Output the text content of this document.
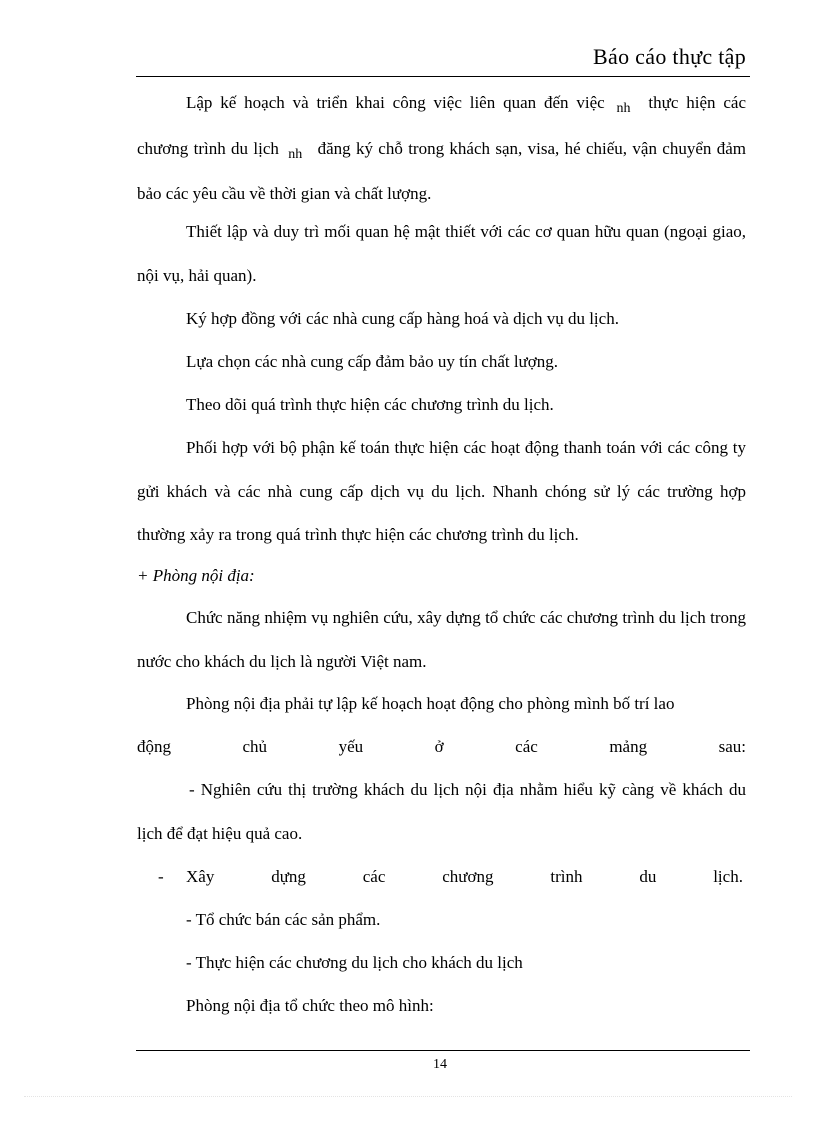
Báo cáo thực tập
Lập kế hoạch và triển khai công việc liên quan đến việc $_{nh}$ thực hiện các chương trình du lịch $_{nh}$ đăng ký chỗ trong khách sạn, visa, hé chiếu, vận chuyển đảm bảo các yêu cầu về thời gian và chất lượng.
Thiết lập và duy trì mối quan hệ mật thiết với các cơ quan hữu quan (ngoại giao, nội vụ, hải quan).
Ký hợp đồng với các nhà cung cấp hàng hoá và dịch vụ du lịch.
Lựa chọn các nhà cung cấp đảm bảo uy tín chất lượng.
Theo dõi quá trình thực hiện các chương trình du lịch.
Phối hợp với bộ phận kế toán thực hiện các hoạt động thanh toán với các công ty gửi khách và các nhà cung cấp dịch vụ du lịch. Nhanh chóng sử lý các trường hợp thường xảy ra trong quá trình thực hiện các chương trình du lịch.
+ Phòng nội địa:
Chức năng nhiệm vụ nghiên cứu, xây dựng tổ chức các chương trình du lịch trong nước cho khách du lịch là người Việt nam.
Phòng nội địa phải tự lập kế hoạch hoạt động cho phòng mình bố trí lao
động	chủ	yếu	ở	các	mảng	sau:
- Nghiên cứu thị trường khách du lịch nội địa nhằm hiểu kỹ càng về khách du lịch để đạt hiệu quả cao.
-	Xây	dựng	các	chương	trình	du	lịch.
- Tổ chức bán các sản phẩm.
- Thực hiện các chương du lịch cho khách du lịch
Phòng nội địa tổ chức theo mô hình:
14
